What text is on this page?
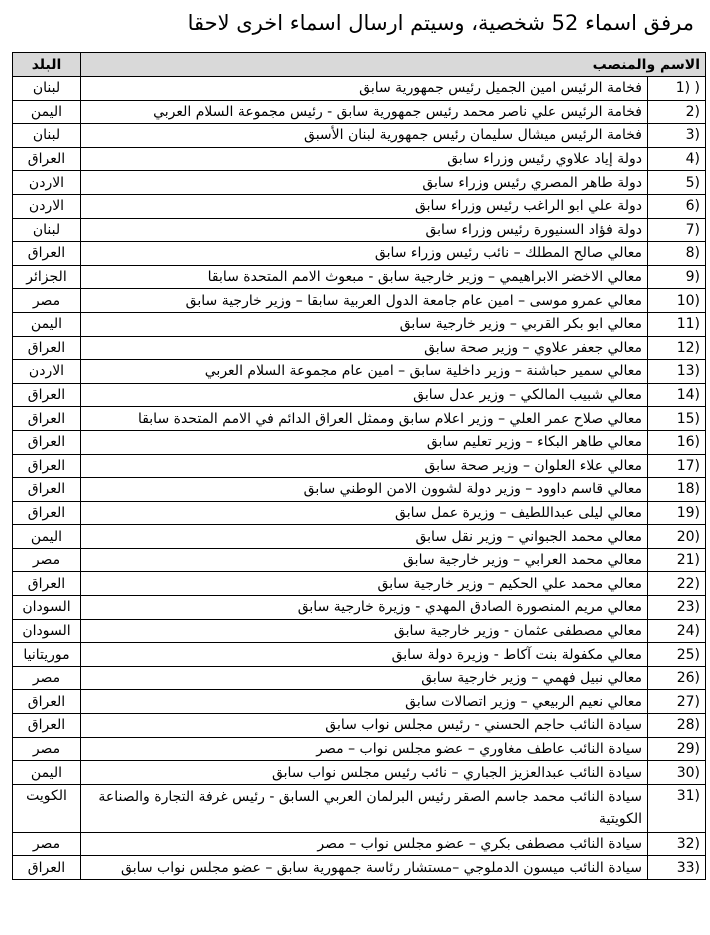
مرفق اسماء 52 شخصية، وسيتم ارسال اسماء اخرى لاحقا
الاسم والمنصب		البلد
1) )	فخامة الرئيس امين الجميل رئيس جمهورية سابق	لبنان
2)	فخامة الرئيس علي ناصر محمد رئيس جمهورية سابق - رئيس مجموعة السلام العربي	اليمن
3)	فخامة الرئيس ميشال سليمان رئيس جمهورية لبنان الأسبق	لبنان
4)	دولة إياد علاوي رئيس وزراء سابق	العراق
5)	دولة طاهر المصري رئيس وزراء سابق	الاردن
6)	دولة علي ابو الراغب رئيس وزراء سابق	الاردن
7)	دولة فؤاد السنيورة رئيس وزراء سابق	لبنان
8)	معالي صالح المطلك – نائب رئيس وزراء سابق	العراق
9)	معالي الاخضر الابراهيمي – وزير خارجية سابق - مبعوث الامم المتحدة سابقا	الجزائر
10)	معالي عمرو موسى – امين عام جامعة الدول العربية سابقا – وزير خارجية سابق	مصر
11)	معالي ابو بكر القربي – وزير خارجية سابق	اليمن
12)	معالي جعفر علاوي – وزير صحة سابق	العراق
13)	معالي سمير حباشنة – وزير داخلية سابق – امين عام مجموعة السلام العربي	الاردن
14)	معالي شبيب المالكي – وزير عدل سابق	العراق
15)	معالي صلاح عمر العلي – وزير اعلام سابق وممثل العراق الدائم في الامم المتحدة سابقا	العراق
16)	معالي طاهر البكاء – وزير تعليم سابق	العراق
17)	معالي علاء العلوان – وزير صحة سابق	العراق
18)	معالي قاسم داوود – وزير دولة لشوون الامن الوطني سابق	العراق
19)	معالي ليلى عبداللطيف – وزيرة عمل سابق	العراق
20)	معالي محمد الجبواني – وزير نقل سابق	اليمن
21)	معالي محمد العرابي – وزير خارجية سابق	مصر
22)	معالي محمد علي الحكيم – وزير خارجية سابق	العراق
23)	معالي مريم المنصورة الصادق المهدي - وزيرة خارجية سابق	السودان
24)	معالي مصطفى عثمان - وزير خارجية سابق	السودان
25)	معالي مكفولة بنت آكاط - وزيرة دولة سابق	موريتانيا
26)	معالي نبيل فهمي – وزير خارجية سابق	مصر
27)	معالي نعيم الربيعي – وزير اتصالات سابق	العراق
28)	سيادة النائب حاجم الحسني - رئيس مجلس نواب سابق	العراق
29)	سيادة النائب عاطف مغاوري – عضو مجلس نواب – مصر	مصر
30)	سيادة النائب عبدالعزيز الجباري – نائب رئيس مجلس نواب سابق	اليمن
31)	سيادة النائب محمد جاسم الصقر رئيس البرلمان العربي السابق - رئيس غرفة التجارة والصناعة الكويتية	الكويت
32)	سيادة النائب مصطفى بكري – عضو مجلس نواب – مصر	مصر
33)	سيادة النائب ميسون الدملوجي –مستشار رئاسة جمهورية سابق – عضو مجلس نواب سابق	العراق
